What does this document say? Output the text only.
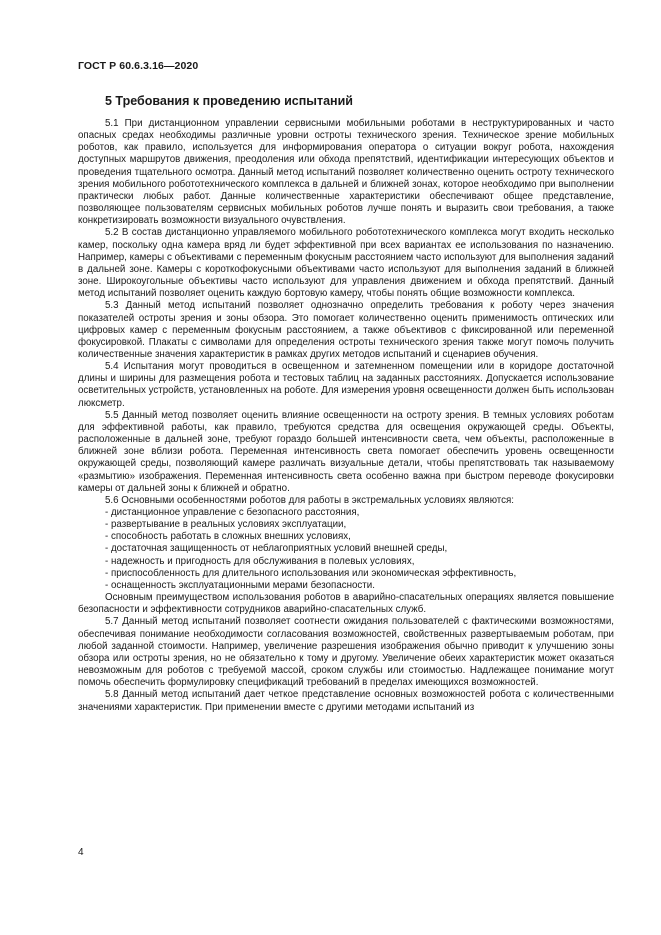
ГОСТ Р 60.6.3.16—2020
5 Требования к проведению испытаний

5.1 При дистанционном управлении сервисными мобильными роботами в неструктурированных и часто опасных средах необходимы различные уровни остроты технического зрения. Техническое зрение мобильных роботов, как правило, используется для информирования оператора о ситуации вокруг робота, нахождения доступных маршрутов движения, преодоления или обхода препятствий, идентификации интересующих объектов и проведения тщательного осмотра. Данный метод испытаний позволяет количественно оценить остроту технического зрения мобильного робототехнического комплекса в дальней и ближней зонах, которое необходимо при выполнении практически любых работ. Данные количественные характеристики обеспечивают общее представление, позволяющее пользователям сервисных мобильных роботов лучше понять и выразить свои требования, а также конкретизировать возможности визуального очувствления.

5.2 В состав дистанционно управляемого мобильного робототехнического комплекса могут входить несколько камер, поскольку одна камера вряд ли будет эффективной при всех вариантах ее использования по назначению. Например, камеры с объективами с переменным фокусным расстоянием часто используют для выполнения заданий в дальней зоне. Камеры с короткофокусными объективами часто используют для выполнения заданий в ближней зоне. Широкоугольные объективы часто используют для управления движением и обхода препятствий. Данный метод испытаний позволяет оценить каждую бортовую камеру, чтобы понять общие возможности комплекса.

5.3 Данный метод испытаний позволяет однозначно определить требования к роботу через значения показателей остроты зрения и зоны обзора. Это помогает количественно оценить применимость оптических или цифровых камер с переменным фокусным расстоянием, а также объективов с фиксированной или переменной фокусировкой. Плакаты с символами для определения остроты технического зрения также могут помочь получить количественные значения характеристик в рамках других методов испытаний и сценариев обучения.

5.4 Испытания могут проводиться в освещенном и затемненном помещении или в коридоре достаточной длины и ширины для размещения робота и тестовых таблиц на заданных расстояниях. Допускается использование осветительных устройств, установленных на роботе. Для измерения уровня освещенности должен быть использован люксметр.

5.5 Данный метод позволяет оценить влияние освещенности на остроту зрения. В темных условиях роботам для эффективной работы, как правило, требуются средства для освещения окружающей среды. Объекты, расположенные в дальней зоне, требуют гораздо большей интенсивности света, чем объекты, расположенные в ближней зоне вблизи робота. Переменная интенсивность света помогает обеспечить уровень освещенности окружающей среды, позволяющий камере различать визуальные детали, чтобы препятствовать так называемому «размытию» изображения. Переменная интенсивность света особенно важна при быстром переводе фокусировки камеры от дальней зоны к ближней и обратно.

5.6 Основными особенностями роботов для работы в экстремальных условиях являются:

- дистанционное управление с безопасного расстояния,
- развертывание в реальных условиях эксплуатации,
- способность работать в сложных внешних условиях,
- достаточная защищенность от неблагоприятных условий внешней среды,
- надежность и пригодность для обслуживания в полевых условиях,
- приспособленность для длительного использования или экономическая эффективность,
- оснащенность эксплуатационными мерами безопасности.

Основным преимуществом использования роботов в аварийно-спасательных операциях является повышение безопасности и эффективности сотрудников аварийно-спасательных служб.

5.7 Данный метод испытаний позволяет соотнести ожидания пользователей с фактическими возможностями, обеспечивая понимание необходимости согласования возможностей, свойственных развертываемым роботам, при любой заданной стоимости. Например, увеличение разрешения изображения обычно приводит к улучшению зоны обзора или остроты зрения, но не обязательно к тому и другому. Увеличение обеих характеристик может оказаться невозможным для роботов с требуемой массой, сроком службы или стоимостью. Надлежащее понимание могут помочь обеспечить формулировку спецификаций требований в пределах имеющихся возможностей.

5.8 Данный метод испытаний дает четкое представление основных возможностей робота с количественными значениями характеристик. При применении вместе с другими методами испытаний из

4
